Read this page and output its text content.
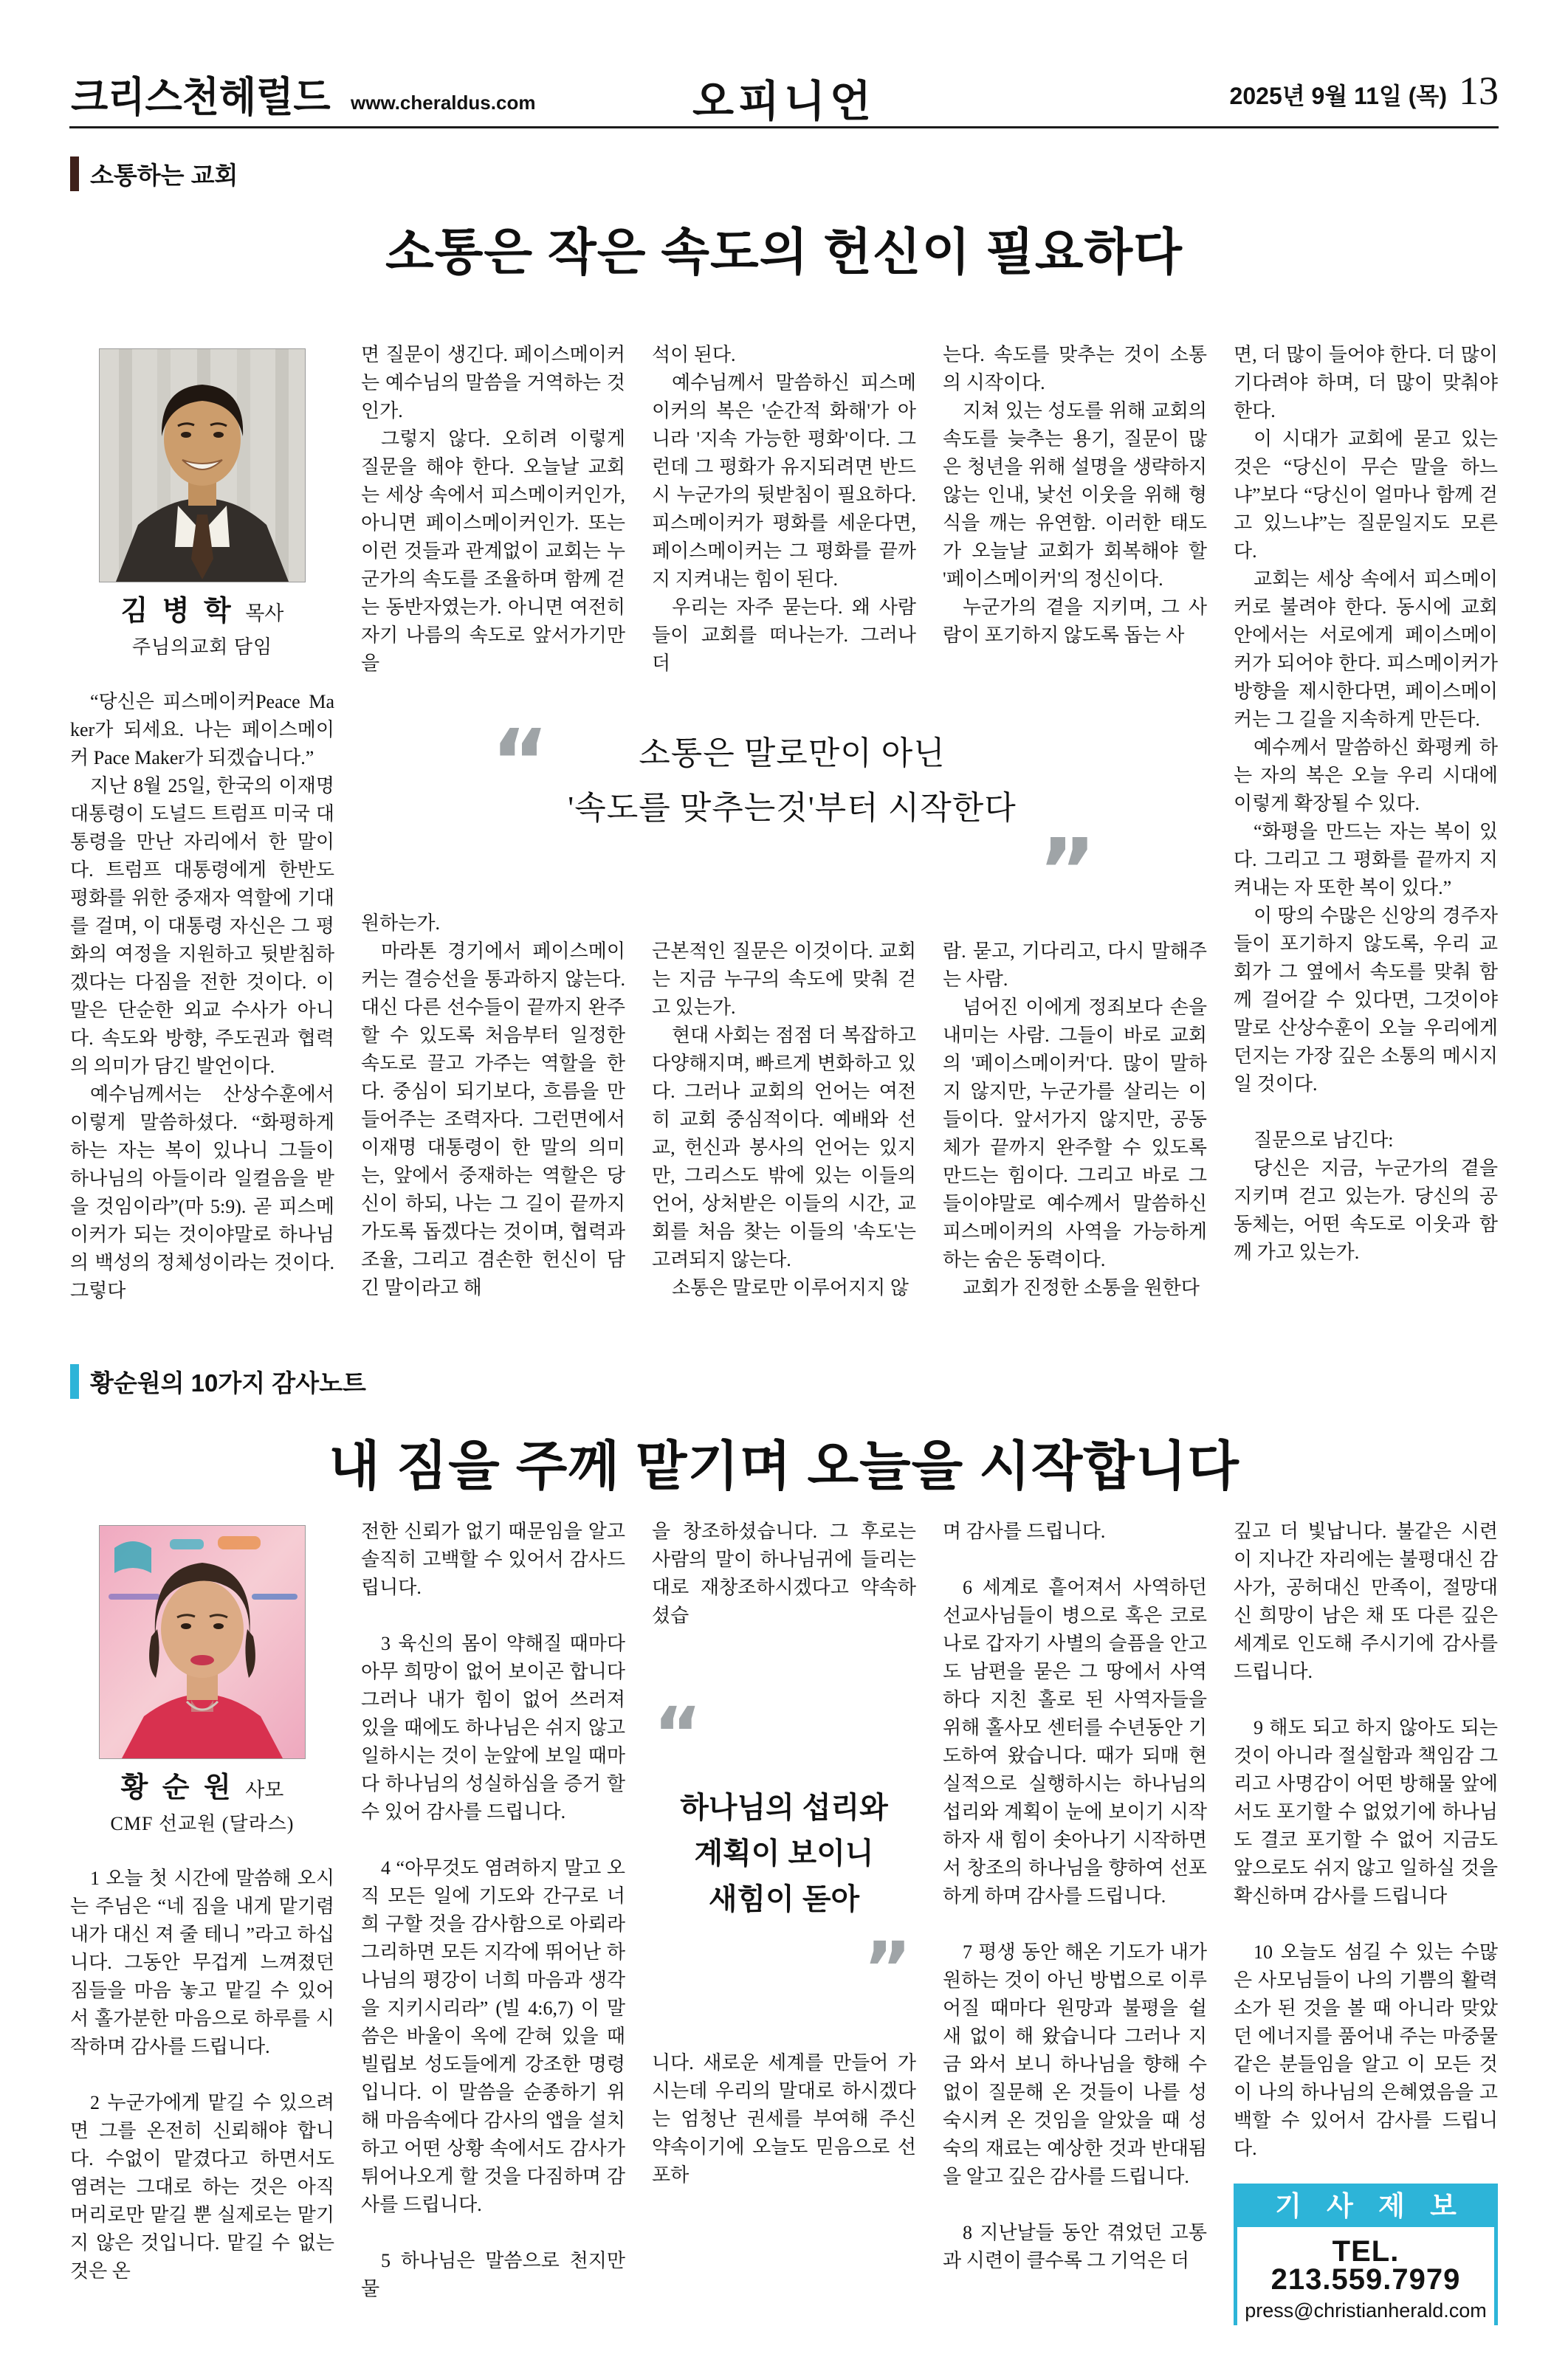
크리스천헤럴드 www.cheraldus.com	오피니언	2025년 9월 11일 (목) 13
소통하는 교회
소통은 작은 속도의 헌신이 필요하다
김 병 학 목사
주님의교회 담임

“당신은 피스메이커Peace Maker가 되세요. 나는 페이스메이커 Pace Maker가 되겠습니다.”

지난 8월 25일, 한국의 이재명 대통령이 도널드 트럼프 미국 대통령을 만난 자리에서 한 말이다. 트럼프 대통령에게 한반도 평화를 위한 중재자 역할에 기대를 걸며, 이 대통령 자신은 그 평화의 여정을 지원하고 뒷받침하겠다는 다짐을 전한 것이다. 이 말은 단순한 외교 수사가 아니다. 속도와 방향, 주도권과 협력의 의미가 담긴 발언이다.

예수님께서는 산상수훈에서 이렇게 말씀하셨다. “화평하게 하는 자는 복이 있나니 그들이 하나님의 아들이라 일컬음을 받을 것임이라”(마 5:9). 곧 피스메이커가 되는 것이야말로 하나님의 백성의 정체성이라는 것이다. 그렇다

면 질문이 생긴다. 페이스메이커는 예수님의 말씀을 거역하는 것인가.

그렇지 않다. 오히려 이렇게 질문을 해야 한다. 오늘날 교회는 세상 속에서 피스메이커인가, 아니면 페이스메이커인가. 또는 이런 것들과 관계없이 교회는 누군가의 속도를 조율하며 함께 걷는 동반자였는가. 아니면 여전히 자기 나름의 속도로 앞서가기만을

원하는가.

마라톤 경기에서 페이스메이커는 결승선을 통과하지 않는다. 대신 다른 선수들이 끝까지 완주할 수 있도록 처음부터 일정한 속도로 끌고 가주는 역할을 한다. 중심이 되기보다, 흐름을 만들어주는 조력자다. 그런면에서 이재명 대통령이 한 말의 의미는, 앞에서 중재하는 역할은 당신이 하되, 나는 그 길이 끝까지 가도록 돕겠다는 것이며, 협력과 조율, 그리고 겸손한 헌신이 담긴 말이라고 해

석이 된다.

예수님께서 말씀하신 피스메이커의 복은 '순간적 화해'가 아니라 '지속 가능한 평화'이다. 그런데 그 평화가 유지되려면 반드시 누군가의 뒷받침이 필요하다. 피스메이커가 평화를 세운다면, 페이스메이커는 그 평화를 끝까지 지켜내는 힘이 된다.

우리는 자주 묻는다. 왜 사람들이 교회를 떠나는가. 그러나 더

근본적인 질문은 이것이다. 교회는 지금 누구의 속도에 맞춰 걷고 있는가.

현대 사회는 점점 더 복잡하고 다양해지며, 빠르게 변화하고 있다. 그러나 교회의 언어는 여전히 교회 중심적이다. 예배와 선교, 헌신과 봉사의 언어는 있지만, 그리스도 밖에 있는 이들의 언어, 상처받은 이들의 시간, 교회를 처음 찾는 이들의 '속도'는 고려되지 않는다.

소통은 말로만 이루어지지 않

는다. 속도를 맞추는 것이 소통의 시작이다.

지쳐 있는 성도를 위해 교회의 속도를 늦추는 용기, 질문이 많은 청년을 위해 설명을 생략하지 않는 인내, 낯선 이웃을 위해 형식을 깨는 유연함. 이러한 태도가 오늘날 교회가 회복해야 할 '페이스메이커'의 정신이다.

누군가의 곁을 지키며, 그 사람이 포기하지 않도록 돕는 사

람. 묻고, 기다리고, 다시 말해주는 사람.

넘어진 이에게 정죄보다 손을 내미는 사람. 그들이 바로 교회의 '페이스메이커'다. 많이 말하지 않지만, 누군가를 살리는 이들이다. 앞서가지 않지만, 공동체가 끝까지 완주할 수 있도록 만드는 힘이다. 그리고 바로 그들이야말로 예수께서 말씀하신 피스메이커의 사역을 가능하게 하는 숨은 동력이다.

교회가 진정한 소통을 원한다

면, 더 많이 들어야 한다. 더 많이 기다려야 하며, 더 많이 맞춰야 한다.

이 시대가 교회에 묻고 있는 것은 “당신이 무슨 말을 하느냐”보다 “당신이 얼마나 함께 걷고 있느냐”는 질문일지도 모른다.

교회는 세상 속에서 피스메이커로 불려야 한다. 동시에 교회 안에서는 서로에게 페이스메이커가 되어야 한다. 피스메이커가 방향을 제시한다면, 페이스메이커는 그 길을 지속하게 만든다.

예수께서 말씀하신 화평케 하는 자의 복은 오늘 우리 시대에 이렇게 확장될 수 있다.

“화평을 만드는 자는 복이 있다. 그리고 그 평화를 끝까지 지켜내는 자 또한 복이 있다.”

이 땅의 수많은 신앙의 경주자들이 포기하지 않도록, 우리 교회가 그 옆에서 속도를 맞춰 함께 걸어갈 수 있다면, 그것이야말로 산상수훈이 오늘 우리에게 던지는 가장 깊은 소통의 메시지일 것이다.

질문으로 남긴다:

당신은 지금, 누군가의 곁을 지키며 걷고 있는가. 당신의 공동체는, 어떤 속도로 이웃과 함께 가고 있는가.

“	소통은 말로만이 아닌

'속도를 맞추는것'부터 시작한다

”
황순원의 10가지 감사노트
내 짐을 주께 맡기며 오늘을 시작합니다
황 순 원 사모
CMF 선교원 (달라스)

1 오늘 첫 시간에 말씀해 오시는 주님은 “네 짐을 내게 맡기렴 내가 대신 져 줄 테니 ”라고 하십니다. 그동안 무겁게 느껴졌던 짐들을 마음 놓고 맡길 수 있어서 홀가분한 마음으로 하루를 시작하며 감사를 드립니다.

2 누군가에게 맡길 수 있으려면 그를 온전히 신뢰해야 합니다. 수없이 맡겼다고 하면서도 염려는 그대로 하는 것은 아직 머리로만 맡길 뿐 실제로는 맡기지 않은 것입니다. 맡길 수 없는 것은 온

전한 신뢰가 없기 때문임을 알고 솔직히 고백할 수 있어서 감사드립니다.

3 육신의 몸이 약해질 때마다 아무 희망이 없어 보이곤 합니다 그러나 내가 힘이 없어 쓰러져 있을 때에도 하나님은 쉬지 않고 일하시는 것이 눈앞에 보일 때마다 하나님의 성실하심을 증거 할 수 있어 감사를 드립니다.

4 “아무것도 염려하지 말고 오직 모든 일에 기도와 간구로 너희 구할 것을 감사함으로 아뢰라 그리하면 모든 지각에 뛰어난 하나님의 평강이 너희 마음과 생각을 지키시리라” (빌 4:6,7) 이 말씀은 바울이 옥에 갇혀 있을 때 빌립보 성도들에게 강조한 명령입니다. 이 말씀을 순종하기 위해 마음속에다 감사의 앱을 설치하고 어떤 상황 속에서도 감사가 튀어나오게 할 것을 다짐하며 감사를 드립니다.

5 하나님은 말씀으로 천지만물

을 창조하셨습니다. 그 후로는 사람의 말이 하나님귀에 들리는 대로 재창조하시겠다고 약속하셨습

“

하나님의 섭리와

계획이 보이니

새힘이 돋아

”

니다. 새로운 세계를 만들어 가시는데 우리의 말대로 하시겠다는 엄청난 권세를 부여해 주신 약속이기에 오늘도 믿음으로 선포하

며 감사를 드립니다.

6 세계로 흩어져서 사역하던 선교사님들이 병으로 혹은 코로나로 갑자기 사별의 슬픔을 안고도 남편을 묻은 그 땅에서 사역하다 지친 홀로 된 사역자들을 위해 홀사모 센터를 수년동안 기도하여 왔습니다. 때가 되매 현실적으로 실행하시는 하나님의 섭리와 계획이 눈에 보이기 시작하자 새 힘이 솟아나기 시작하면서 창조의 하나님을 향하여 선포하게 하며 감사를 드립니다.

7 평생 동안 해온 기도가 내가 원하는 것이 아닌 방법으로 이루어질 때마다 원망과 불평을 쉴 새 없이 해 왔습니다 그러나 지금 와서 보니 하나님을 향해 수없이 질문해 온 것들이 나를 성숙시켜 온 것임을 알았을 때 성숙의 재료는 예상한 것과 반대됨을 알고 깊은 감사를 드립니다.

8 지난날들 동안 겪었던 고통과 시련이 클수록 그 기억은 더

깊고 더 빛납니다. 불같은 시련이 지나간 자리에는 불평대신 감사가, 공허대신 만족이, 절망대신 희망이 남은 채 또 다른 깊은 세계로 인도해 주시기에 감사를 드립니다.

9 해도 되고 하지 않아도 되는 것이 아니라 절실함과 책임감 그리고 사명감이 어떤 방해물 앞에서도 포기할 수 없었기에 하나님도 결코 포기할 수 없어 지금도 앞으로도 쉬지 않고 일하실 것을 확신하며 감사를 드립니다

10 오늘도 섬길 수 있는 수많은 사모님들이 나의 기쁨의 활력소가 된 것을 볼 때 아니라 맞았던 에너지를 품어내 주는 마중물 같은 분들임을 알고 이 모든 것이 나의 하나님의 은혜였음을 고백할 수 있어서 감사를 드립니다.

기 사 제 보
TEL. 213.559.7979
press@christianherald.com
